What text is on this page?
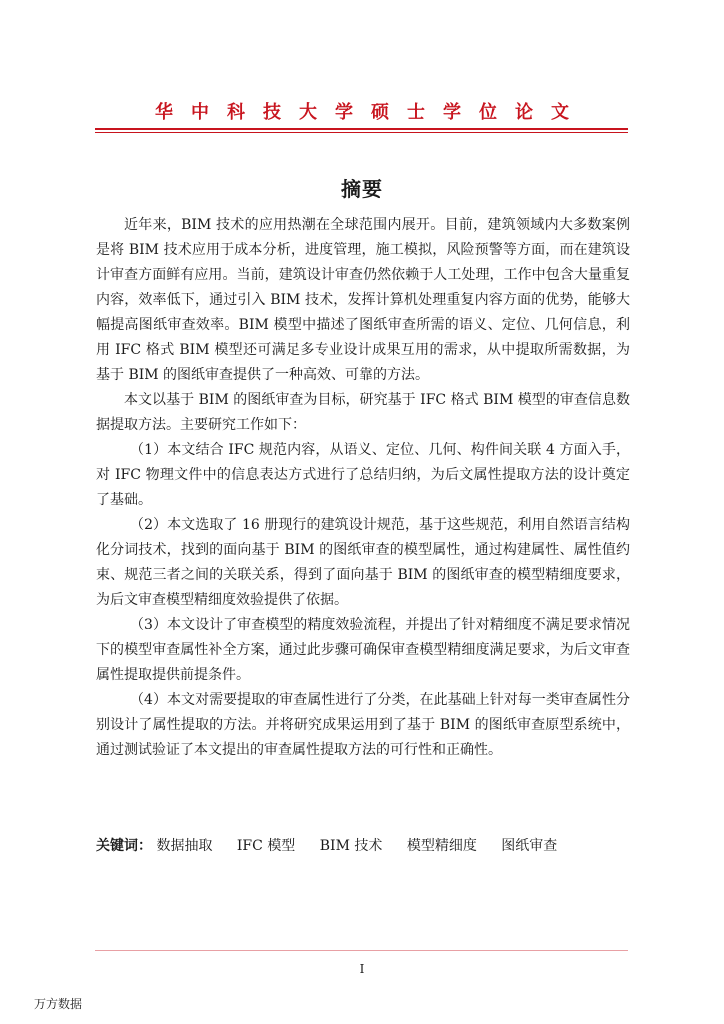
华中科技大学硕士学位论文
摘要

近年来，BIM 技术的应用热潮在全球范围内展开。目前，建筑领域内大多数案例是将 BIM 技术应用于成本分析，进度管理，施工模拟，风险预警等方面，而在建筑设计审查方面鲜有应用。当前，建筑设计审查仍然依赖于人工处理，工作中包含大量重复内容，效率低下，通过引入 BIM 技术，发挥计算机处理重复内容方面的优势，能够大幅提高图纸审查效率。BIM 模型中描述了图纸审查所需的语义、定位、几何信息，利用 IFC 格式 BIM 模型还可满足多专业设计成果互用的需求，从中提取所需数据，为基于 BIM 的图纸审查提供了一种高效、可靠的方法。

本文以基于 BIM 的图纸审查为目标，研究基于 IFC 格式 BIM 模型的审查信息数据提取方法。主要研究工作如下：

（1）本文结合 IFC 规范内容，从语义、定位、几何、构件间关联 4 方面入手，对 IFC 物理文件中的信息表达方式进行了总结归纳，为后文属性提取方法的设计奠定了基础。

（2）本文选取了 16 册现行的建筑设计规范，基于这些规范，利用自然语言结构化分词技术，找到的面向基于 BIM 的图纸审查的模型属性，通过构建属性、属性值约束、规范三者之间的关联关系，得到了面向基于 BIM 的图纸审查的模型精细度要求，为后文审查模型精细度效验提供了依据。

（3）本文设计了审查模型的精度效验流程，并提出了针对精细度不满足要求情况下的模型审查属性补全方案，通过此步骤可确保审查模型精细度满足要求，为后文审查属性提取提供前提条件。

（4）本文对需要提取的审查属性进行了分类，在此基础上针对每一类审查属性分别设计了属性提取的方法。并将研究成果运用到了基于 BIM 的图纸审查原型系统中，通过测试验证了本文提出的审查属性提取方法的可行性和正确性。

关键词： 数据抽取 IFC 模型 BIM 技术 模型精细度 图纸审查
I
万方数据
